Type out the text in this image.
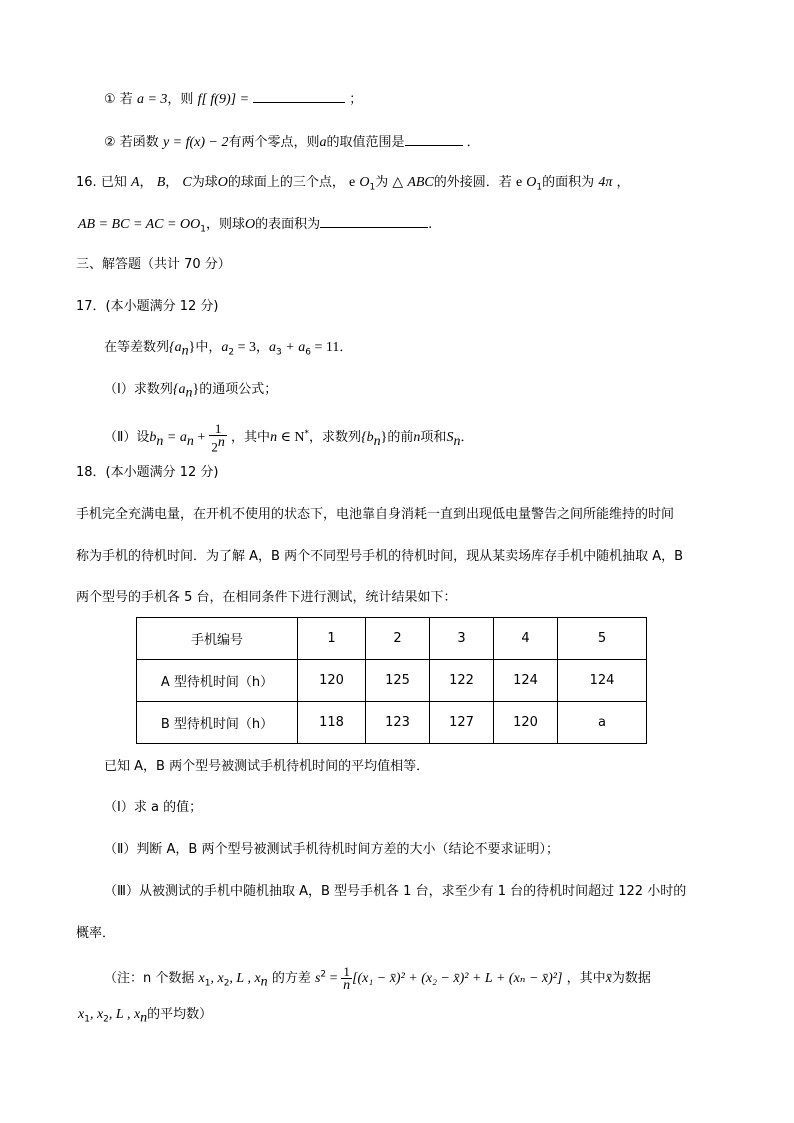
① 若 a = 3，则 f[ f(9)] =	；
② 若函数 y = f(x) − 2有两个零点，则a的取值范围是	．
16. 已知 A， B， C为球O的球面上的三个点， e $O_1$为 △ ABC的外接圆．若 e $O_1$的面积为 4π ，
AB = BC = AC = $OO_1$，则球O的表面积为	.
三、解答题（共计 70 分）
17．(本小题满分 12 分)
在等差数列$\{a_n\}$中，$a_2 = 3$，$a_3 + a_6 = 11$．
（Ⅰ）求数列$\{a_n\}$的通项公式；
（Ⅱ）设$b_n = a_n + \frac{1}{2^n}$ ，其中n ∈ N*，求数列$\{b_n\}$的前n项和$S_n$．
18．(本小题满分 12 分)
手机完全充满电量，在开机不使用的状态下，电池靠自身消耗一直到出现低电量警告之间所能维持的时间
称为手机的待机时间．为了解 A，B 两个不同型号手机的待机时间，现从某卖场库存手机中随机抽取 A，B
两个型号的手机各 5 台，在相同条件下进行测试，统计结果如下：
手机编号	1	2	3	4	5
A 型待机时间（h）	120	125	122	124	124
B 型待机时间（h）	118	123	127	120	a
已知 A，B 两个型号被测试手机待机时间的平均值相等．
（Ⅰ）求 a 的值；
（Ⅱ）判断 A，B 两个型号被测试手机待机时间方差的大小（结论不要求证明）；
（Ⅲ）从被测试的手机中随机抽取 A，B 型号手机各 1 台，求至少有 1 台的待机时间超过 122 小时的
概率．
（注：n 个数据 $x_1$, $x_2$, L , $x_n$ 的方差 $s^2 = \frac{1}{n} [(x_1$ − x̄)² + (x₂ − x̄)² + L + (xₙ − x̄)²] ，其中x̄为数据
$x_1$, $x_2$, L , $x_n$的平均数）
